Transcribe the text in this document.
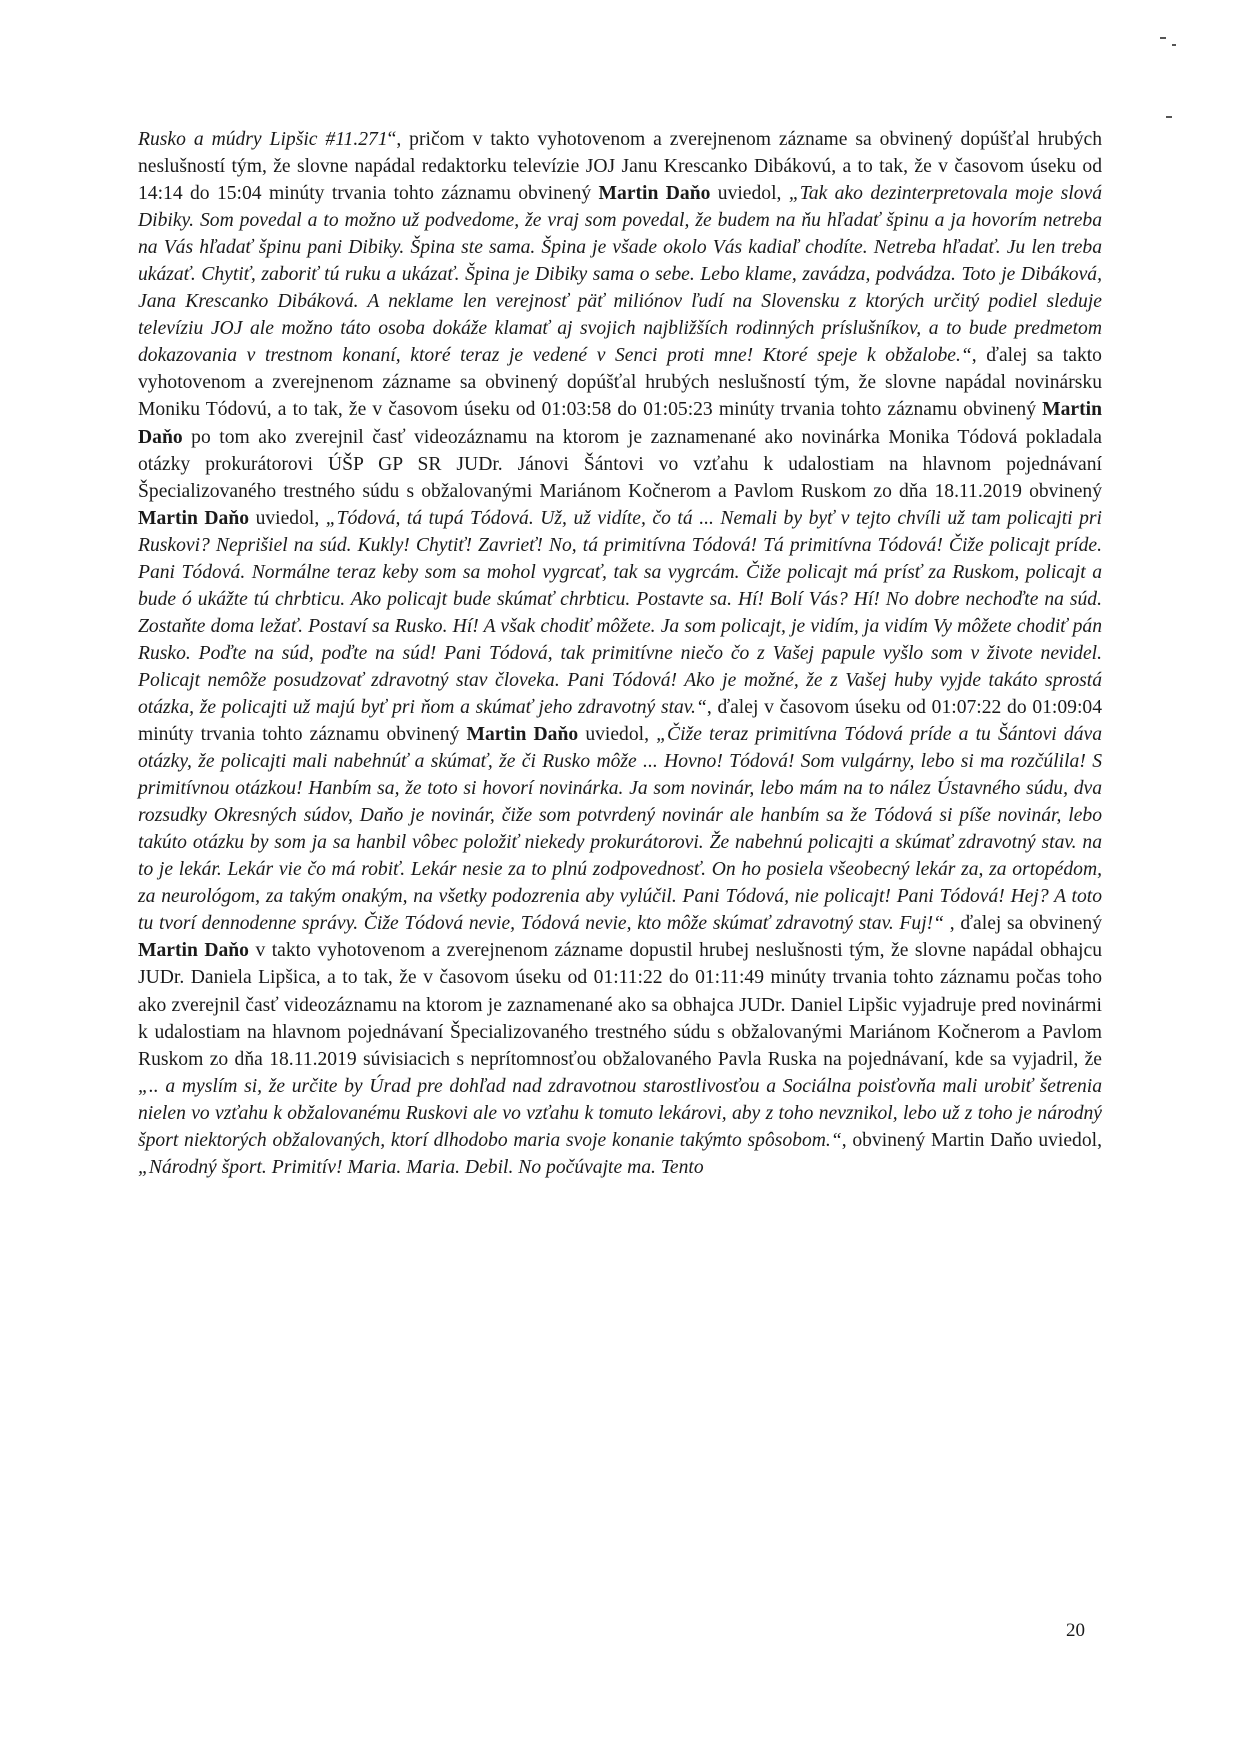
Rusko a múdry Lipšic #11.271“, pričom v takto vyhotovenom a zverejnenom zázname sa obvinený dopúšťal hrubých neslušností tým, že slovne napádal redaktorku televízie JOJ Janu Krescanko Dibákovú, a to tak, že v časovom úseku od 14:14 do 15:04 minúty trvania tohto záznamu obvinený Martin Daňo uviedol, „Tak ako dezinterpretovala moje slová Dibiky. Som povedal a to možno už podvedome, že vraj som povedal, že budem na ňu hľadať špinu a ja hovorím netreba na Vás hľadať špinu pani Dibiky. Špina ste sama. Špina je všade okolo Vás kadiaľ chodíte. Netreba hľadať. Ju len treba ukázať. Chytiť, zaboriť tú ruku a ukázať. Špina je Dibiky sama o sebe. Lebo klame, zavádza, podvádza. Toto je Dibáková, Jana Krescanko Dibáková. A neklame len verejnosť päť miliónov ľudí na Slovensku z ktorých určitý podiel sleduje televíziu JOJ ale možno táto osoba dokáže klamať aj svojich najbližších rodinných príslušníkov, a to bude predmetom dokazovania v trestnom konaní, ktoré teraz je vedené v Senci proti mne! Ktoré speje k obžalobe.“, ďalej sa takto vyhotovenom a zverejnenom zázname sa obvinený dopúšťal hrubých neslušností tým, že slovne napádal novinársku Moniku Tódovú, a to tak, že v časovom úseku od 01:03:58 do 01:05:23 minúty trvania tohto záznamu obvinený Martin Daňo po tom ako zverejnil časť videozáznamu na ktorom je zaznamenané ako novinárka Monika Tódová pokladala otázky prokurátorovi ÚŠP GP SR JUDr. Jánovi Šántovi vo vzťahu k udalostiam na hlavnom pojednávaní Špecializovaného trestného súdu s obžalovanými Mariánom Kočnerom a Pavlom Ruskom zo dňa 18.11.2019 obvinený Martin Daňo uviedol, „Tódová, tá tupá Tódová. Už, už vidíte, čo tá ... Nemali by byť v tejto chvíli už tam policajti pri Ruskovi? Neprišiel na súd. Kukly! Chytiť! Zavrieť! No, tá primitívna Tódová! Tá primitívna Tódová! Čiže policajt príde. Pani Tódová. Normálne teraz keby som sa mohol vygrcať, tak sa vygrcám. Čiže policajt má prísť za Ruskom, policajt a bude ó ukážte tú chrbticu. Ako policajt bude skúmať chrbticu. Postavte sa. Hí! Bolí Vás? Hí! No dobre nechoďte na súd. Zostaňte doma ležať. Postaví sa Rusko. Hí! A však chodiť môžete. Ja som policajt, je vidím, ja vidím Vy môžete chodiť pán Rusko. Poďte na súd, poďte na súd! Pani Tódová, tak primitívne niečo čo z Vašej papule vyšlo som v živote nevidel. Policajt nemôže posudzovať zdravotný stav človeka. Pani Tódová! Ako je možné, že z Vašej huby vyjde takáto sprostá otázka, že policajti už majú byť pri ňom a skúmať jeho zdravotný stav.“, ďalej v časovom úseku od 01:07:22 do 01:09:04 minúty trvania tohto záznamu obvinený Martin Daňo uviedol, „Čiže teraz primitívna Tódová príde a tu Šántovi dáva otázky, že policajti mali nabehnúť a skúmať, že či Rusko môže ... Hovno! Tódová! Som vulgárny, lebo si ma rozčúlila! S primitívnou otázkou! Hanbím sa, že toto si hovorí novinárka. Ja som novinár, lebo mám na to nález Ústavného súdu, dva rozsudky Okresných súdov, Daňo je novinár, čiže som potvrdený novinár ale hanbím sa že Tódová si píše novinár, lebo takúto otázku by som ja sa hanbil vôbec položiť niekedy prokurátorovi. Že nabehnú policajti a skúmať zdravotný stav. na to je lekár. Lekár vie čo má robiť. Lekár nesie za to plnú zodpovednosť. On ho posiela všeobecný lekár za, za ortopédom, za neurológom, za takým onakým, na všetky podozrenia aby vylúčil. Pani Tódová, nie policajt! Pani Tódová! Hej? A toto tu tvorí dennodenne správy. Čiže Tódová nevie, Tódová nevie, kto môže skúmať zdravotný stav. Fuj!“ , ďalej sa obvinený Martin Daňo v takto vyhotovenom a zverejnenom zázname dopustil hrubej neslušnosti tým, že slovne napádal obhajcu JUDr. Daniela Lipšica, a to tak, že v časovom úseku od 01:11:22 do 01:11:49 minúty trvania tohto záznamu počas toho ako zverejnil časť videozáznamu na ktorom je zaznamenané ako sa obhajca JUDr. Daniel Lipšic vyjadruje pred novinármi k udalostiam na hlavnom pojednávaní Špecializovaného trestného súdu s obžalovanými Mariánom Kočnerom a Pavlom Ruskom zo dňa 18.11.2019 súvisiacich s neprítomnosťou obžalovaného Pavla Ruska na pojednávaní, kde sa vyjadril, že „.. a myslím si, že určite by Úrad pre dohľad nad zdravotnou starostlivosťou a Sociálna poisťovňa mali urobiť šetrenia nielen vo vzťahu k obžalovanému Ruskovi ale vo vzťahu k tomuto lekárovi, aby z toho nevznikol, lebo už z toho je národný šport niektorých obžalovaných, ktorí dlhodobo maria svoje konanie takýmto spôsobom.“, obvinený Martin Daňo uviedol, „Národný šport. Primitív! Maria. Maria. Debil. No počúvajte ma. Tento
20
